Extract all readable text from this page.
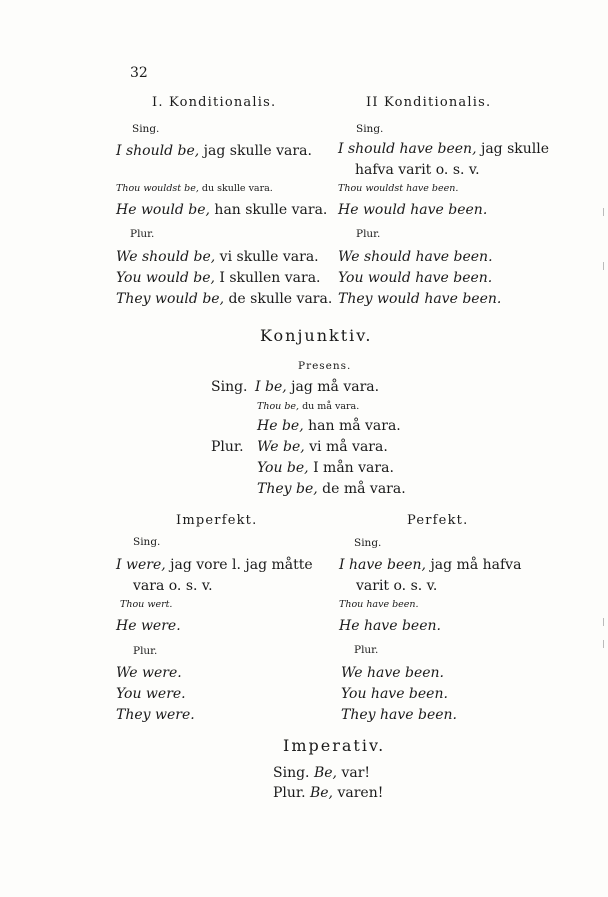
32
I. Konditionalis.
Sing.
I should be, jag skulle vara.
Thou wouldst be, du skulle vara.
He would be, han skulle vara.
Plur.
We should be, vi skulle vara.
You would be, I skullen vara.
They would be, de skulle vara.
II Konditionalis.
Sing.
I should have been, jag skulle
hafva varit o. s. v.
Thou wouldst have been.
He would have been.
Plur.
We should have been.
You would have been.
They would have been.
Konjunktiv.
Presens.
Sing. I be, jag må vara.
Thou be, du må vara.
He be, han må vara.
Plur. We be, vi må vara.
You be, I mån vara.
They be, de må vara.
Imperfekt.
Sing.
I were, jag vore l. jag måtte
vara o. s. v.
Thou wert.
He were.
Plur.
We were.
You were.
They were.
Perfekt.
Sing.
I have been, jag må hafva
varit o. s. v.
Thou have been.
He have been.
Plur.
We have been.
You have been.
They have been.
Imperativ.
Sing. Be, var!
Plur. Be, varen!
